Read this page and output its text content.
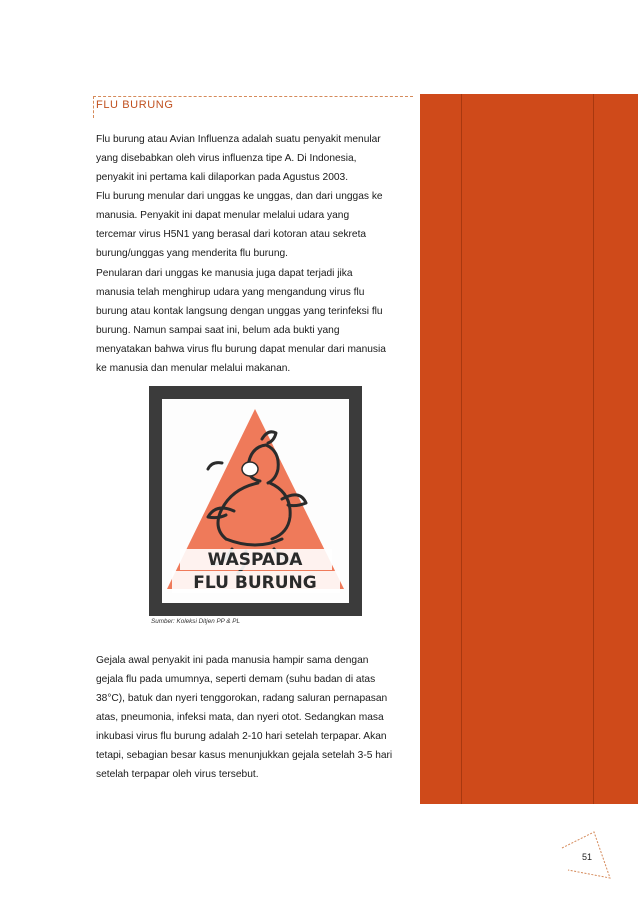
FLU BURUNG

Flu burung atau Avian Influenza adalah suatu penyakit menular
yang disebabkan oleh virus influenza tipe A. Di Indonesia,
penyakit ini pertama kali dilaporkan pada Agustus 2003.
Flu burung menular dari unggas ke unggas, dan dari unggas ke
manusia. Penyakit ini dapat menular melalui udara yang
tercemar virus H5N1 yang berasal dari kotoran atau sekreta
burung/unggas yang menderita flu burung.

Penularan dari unggas ke manusia juga dapat terjadi jika
manusia telah menghirup udara yang mengandung virus flu
burung atau kontak langsung dengan unggas yang terinfeksi flu
burung. Namun sampai saat ini, belum ada bukti yang
menyatakan bahwa virus flu burung dapat menular dari manusia
ke manusia dan menular melalui makanan.

WASPADA
FLU BURUNG
Sumber: Koleksi Ditjen PP & PL

Gejala awal penyakit ini pada manusia hampir sama dengan
gejala flu pada umumnya, seperti demam (suhu badan di atas
38°C), batuk dan nyeri tenggorokan, radang saluran pernapasan
atas, pneumonia, infeksi mata, dan nyeri otot. Sedangkan masa
inkubasi virus flu burung adalah 2-10 hari setelah terpapar. Akan
tetapi, sebagian besar kasus menunjukkan gejala setelah 3-5 hari
setelah terpapar oleh virus tersebut.

51
